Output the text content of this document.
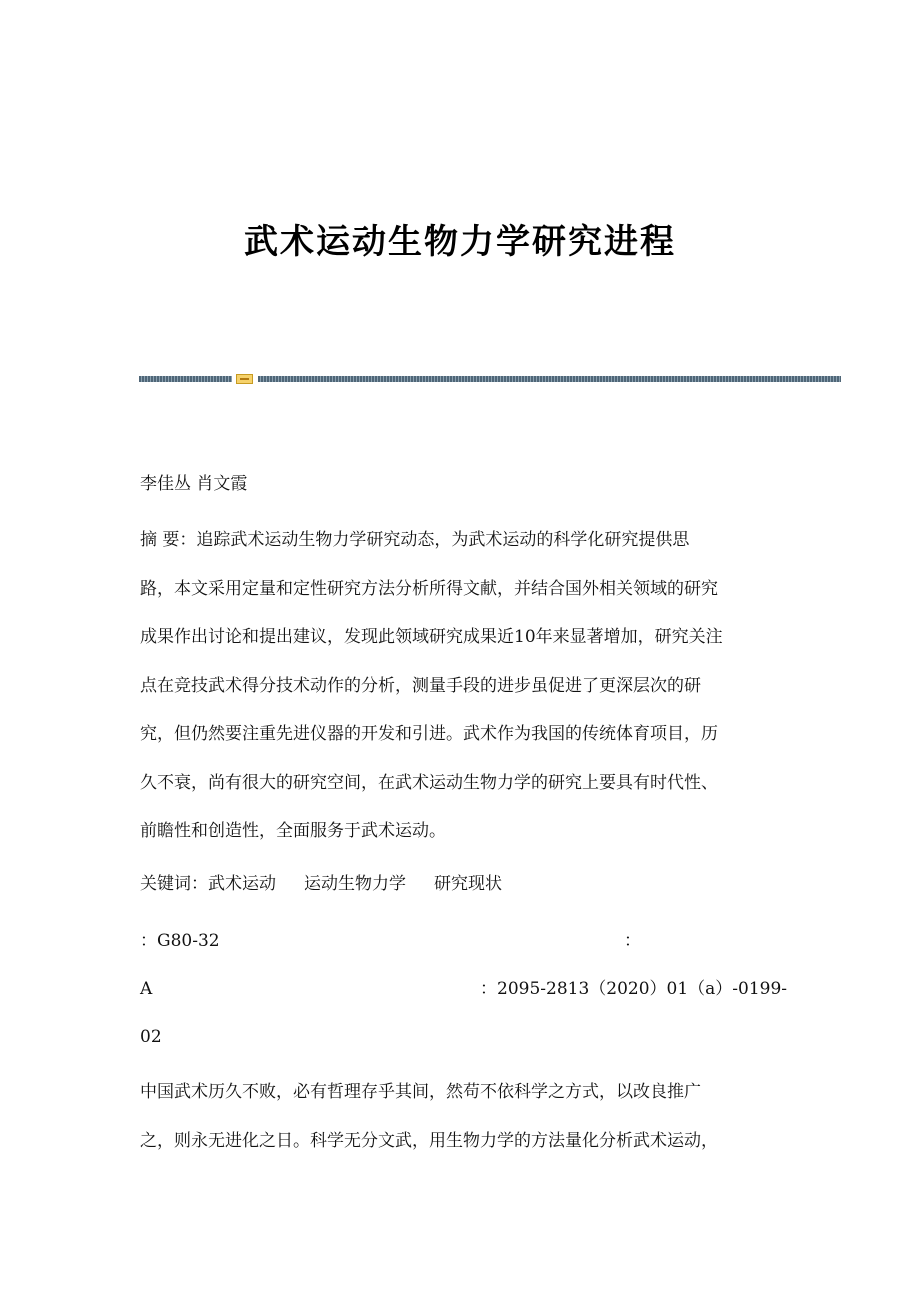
武术运动生物力学研究进程
李佳丛 肖文霞
摘 要：追踪武术运动生物力学研究动态，为武术运动的科学化研究提供思
路，本文采用定量和定性研究方法分析所得文献，并结合国外相关领域的研究
成果作出讨论和提出建议，发现此领域研究成果近10年来显著增加，研究关注
点在竞技武术得分技术动作的分析，测量手段的进步虽促进了更深层次的研
究，但仍然要注重先进仪器的开发和引进。武术作为我国的传统体育项目，历
久不衰，尚有很大的研究空间，在武术运动生物力学的研究上要具有时代性、
前瞻性和创造性，全面服务于武术运动。
关键词：武术运动 运动生物力学 研究现状
：G80-32	：
A	：2095-2813（2020）01（a）-0199-
02
中国武术历久不败，必有哲理存乎其间，然苟不依科学之方式，以改良推广
之，则永无进化之日。科学无分文武，用生物力学的方法量化分析武术运动，
